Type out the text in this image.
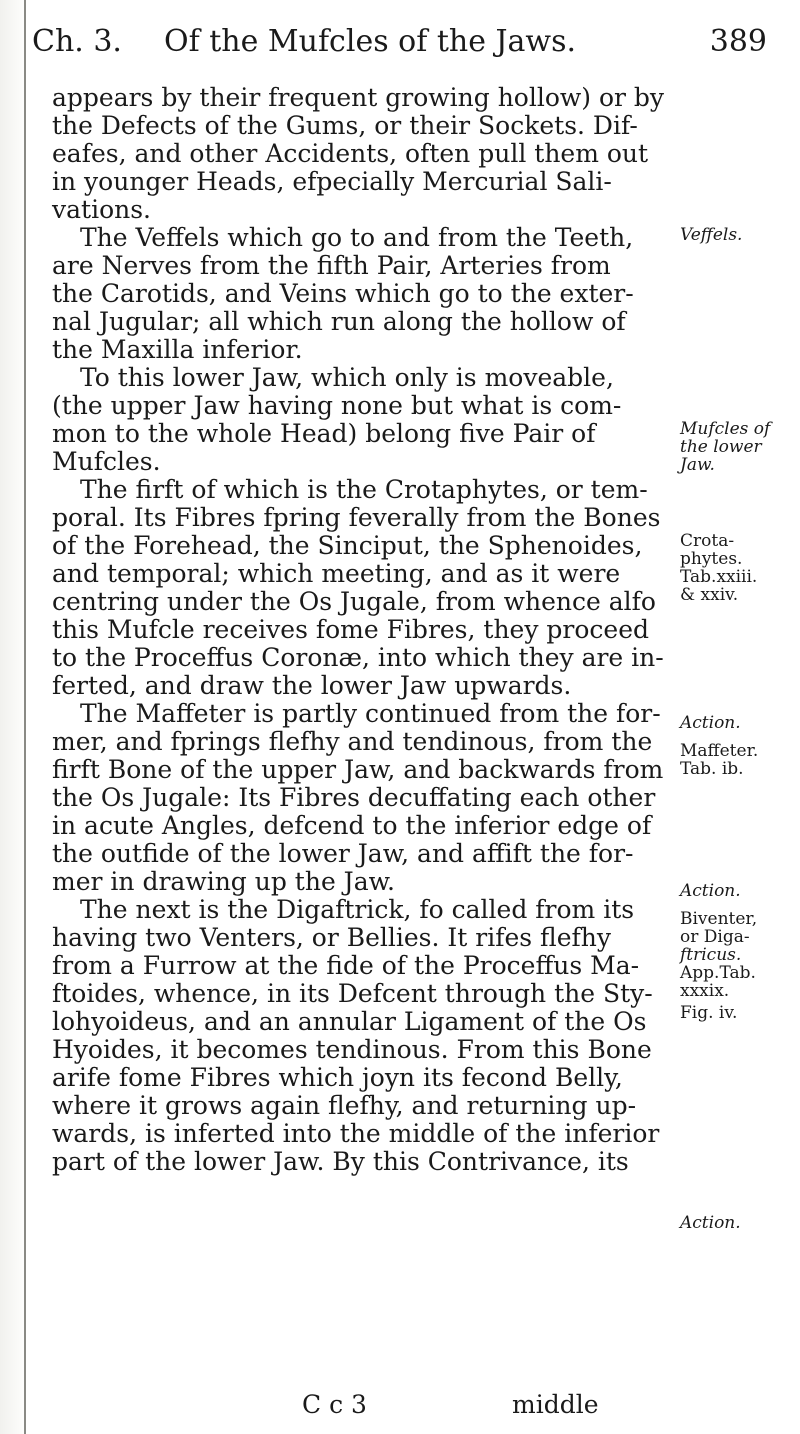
Ch. 3. Of the Mufcles of the Jaws.	389
appears by their frequent growing hollow) or by
the Defects of the Gums, or their Sockets. Dif-
eafes, and other Accidents, often pull them out
in younger Heads, efpecially Mercurial Sali-
vations.
The Veffels which go to and from the Teeth,
are Nerves from the fifth Pair, Arteries from
the Carotids, and Veins which go to the exter-
nal Jugular; all which run along the hollow of
the Maxilla inferior.
To this lower Jaw, which only is moveable,
(the upper Jaw having none but what is com-
mon to the whole Head) belong five Pair of
Mufcles.
The firft of which is the Crotaphytes, or tem-
poral. Its Fibres fpring feverally from the Bones
of the Forehead, the Sinciput, the Sphenoides,
and temporal; which meeting, and as it were
centring under the Os Jugale, from whence alfo
this Mufcle receives fome Fibres, they proceed
to the Proceffus Coronæ, into which they are in-
ferted, and draw the lower Jaw upwards.
The Maffeter is partly continued from the for-
mer, and fprings flefhy and tendinous, from the
firft Bone of the upper Jaw, and backwards from
the Os Jugale: Its Fibres decuffating each other
in acute Angles, defcend to the inferior edge of
the outfide of the lower Jaw, and affift the for-
mer in drawing up the Jaw.
The next is the Digaftrick, fo called from its
having two Venters, or Bellies. It rifes flefhy
from a Furrow at the fide of the Proceffus Ma-
ftoides, whence, in its Defcent through the Sty-
lohyoideus, and an annular Ligament of the Os
Hyoides, it becomes tendinous. From this Bone
arife fome Fibres which joyn its fecond Belly,
where it grows again flefhy, and returning up-
wards, is inferted into the middle of the inferior
part of the lower Jaw. By this Contrivance, its
Veffels.
Mufcles of
the lower
Jaw.
Crota-
phytes.
Tab.xxiii.
& xxiv.
Action.
Maffeter.
Tab. ib.
Action.
Biventer,
or Diga-
ftricus.
App.Tab.
xxxix.
Fig. iv.
Action.
C c 3	middle
